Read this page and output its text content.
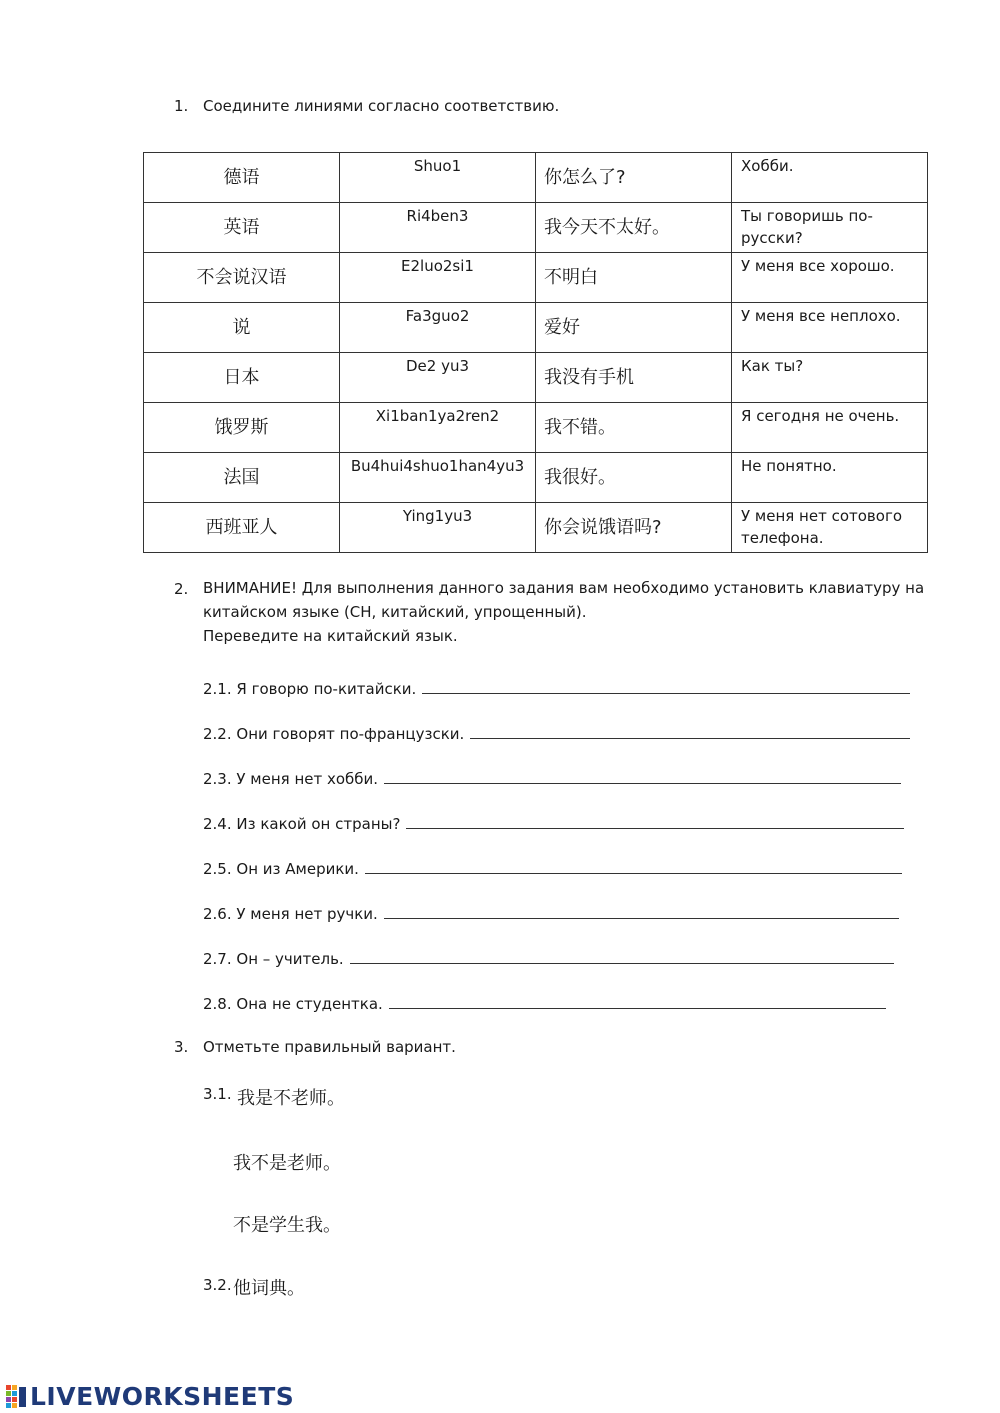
1. Соедините линиями согласно соответствию.
德语	Shuo1	你怎么了?	Хобби.
英语	Ri4ben3	我今天不太好。	Ты говоришь по-русски?
不会说汉语	E2luo2si1	不明白	У меня все хорошо.
说	Fa3guo2	爱好	У меня все неплохо.
日本	De2 yu3	我没有手机	Как ты?
饿罗斯	Xi1ban1ya2ren2	我不错。	Я сегодня не очень.
法国	Bu4hui4shuo1han4yu3	我很好。	Не понятно.
西班亚人	Ying1yu3	你会说饿语吗?	У меня нет сотового телефона.
2. ВНИМАНИЕ! Для выполнения данного задания вам необходимо установить клавиатуру на
китайском языке (CH, китайский, упрощенный).
Переведите на китайский язык.
2.1. Я говорю по-китайски.
2.2. Они говорят по-французски.
2.3. У меня нет хобби.
2.4. Из какой он страны?
2.5. Он из Америки.
2.6. У меня нет ручки.
2.7. Он – учитель.
2.8. Она не студентка.
3. Отметьте правильный вариант.
3.1. 我是不老师。
我不是老师。
不是学生我。
3.2. 他词典。
LIVEWORKSHEETS
